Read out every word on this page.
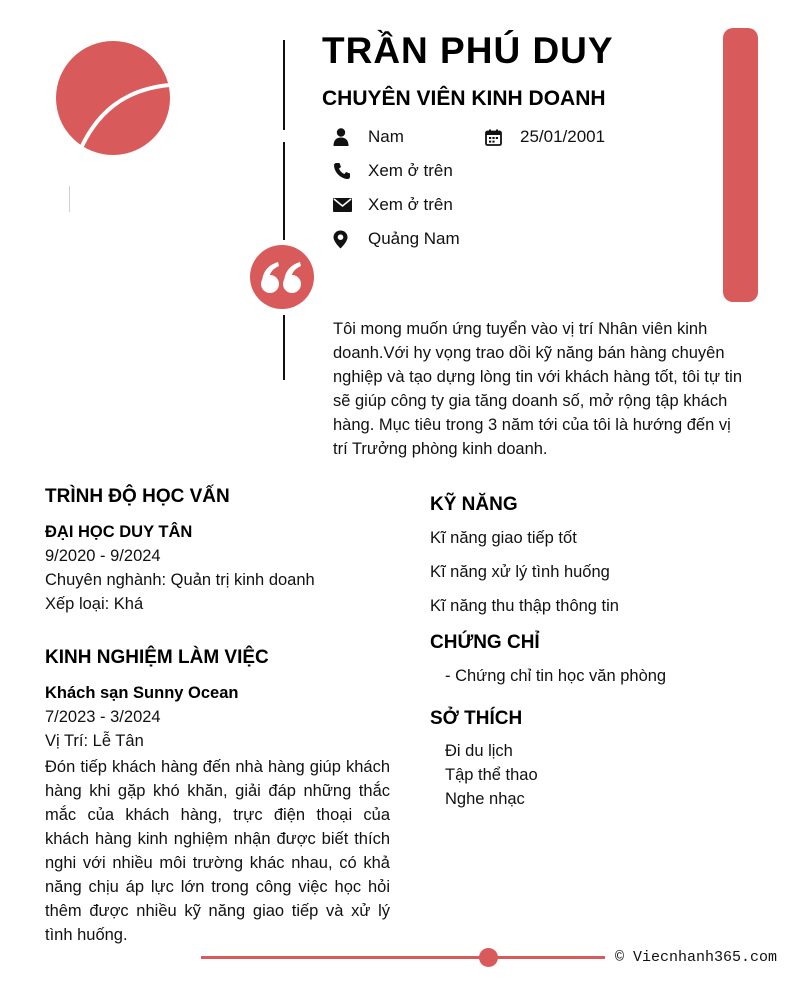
TRẦN PHÚ DUY
CHUYÊN VIÊN KINH DOANH
Nam	25/01/2001
Xem ở trên
Xem ở trên
Quảng Nam
Tôi mong muốn ứng tuyển vào vị trí Nhân viên kinh doanh.Với hy vọng trao dồi kỹ năng bán hàng chuyên nghiệp và tạo dựng lòng tin với khách hàng tốt, tôi tự tin sẽ giúp công ty gia tăng doanh số, mở rộng tập khách hàng. Mục tiêu trong 3 năm tới của tôi là hướng đến vị trí Trưởng phòng kinh doanh.
TRÌNH ĐỘ HỌC VẤN
ĐẠI HỌC DUY TÂN
9/2020 - 9/2024
Chuyên nghành: Quản trị kinh doanh
Xếp loại: Khá
KINH NGHIỆM LÀM VIỆC
Khách sạn Sunny Ocean
7/2023 - 3/2024
Vị Trí: Lễ Tân
Đón tiếp khách hàng đến nhà hàng giúp khách hàng khi gặp khó khăn, giải đáp những thắc mắc của khách hàng, trực điện thoại của khách hàng kinh nghiệm nhận được biết thích nghi với nhiều môi trường khác nhau, có khả năng chịu áp lực lớn trong công việc học hỏi thêm được nhiều kỹ năng giao tiếp và xử lý tình huống.
KỸ NĂNG
Kĩ năng giao tiếp tốt
Kĩ năng xử lý tình huống
Kĩ năng thu thập thông tin
CHỨNG CHỈ
- Chứng chỉ tin học văn phòng
SỞ THÍCH
Đi du lịch
Tập thể thao
Nghe nhạc
© Viecnhanh365.com
